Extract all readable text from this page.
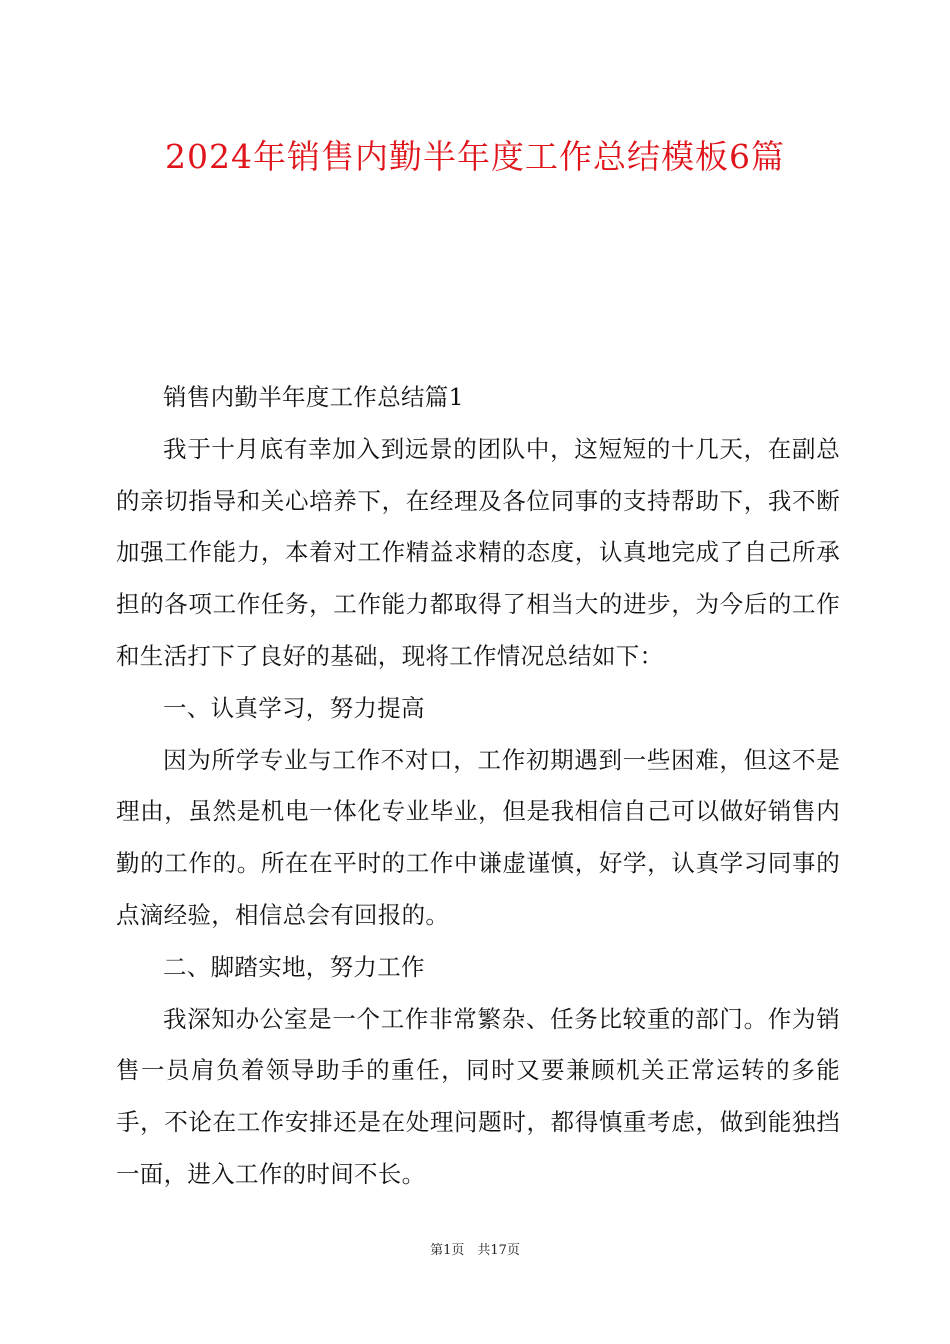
2024年销售内勤半年度工作总结模板6篇

销售内勤半年度工作总结篇1

我于十月底有幸加入到远景的团队中，这短短的十几天，在副总的亲切指导和关心培养下，在经理及各位同事的支持帮助下，我不断加强工作能力，本着对工作精益求精的态度，认真地完成了自己所承担的各项工作任务，工作能力都取得了相当大的进步，为今后的工作和生活打下了良好的基础，现将工作情况总结如下：

一、认真学习，努力提高

因为所学专业与工作不对口，工作初期遇到一些困难，但这不是理由，虽然是机电一体化专业毕业，但是我相信自己可以做好销售内勤的工作的。所在在平时的工作中谦虚谨慎，好学，认真学习同事的点滴经验，相信总会有回报的。

二、脚踏实地，努力工作

我深知办公室是一个工作非常繁杂、任务比较重的部门。作为销售一员肩负着领导助手的重任，同时又要兼顾机关正常运转的多能手，不论在工作安排还是在处理问题时，都得慎重考虑，做到能独挡一面，进入工作的时间不长。

第1页　共17页
